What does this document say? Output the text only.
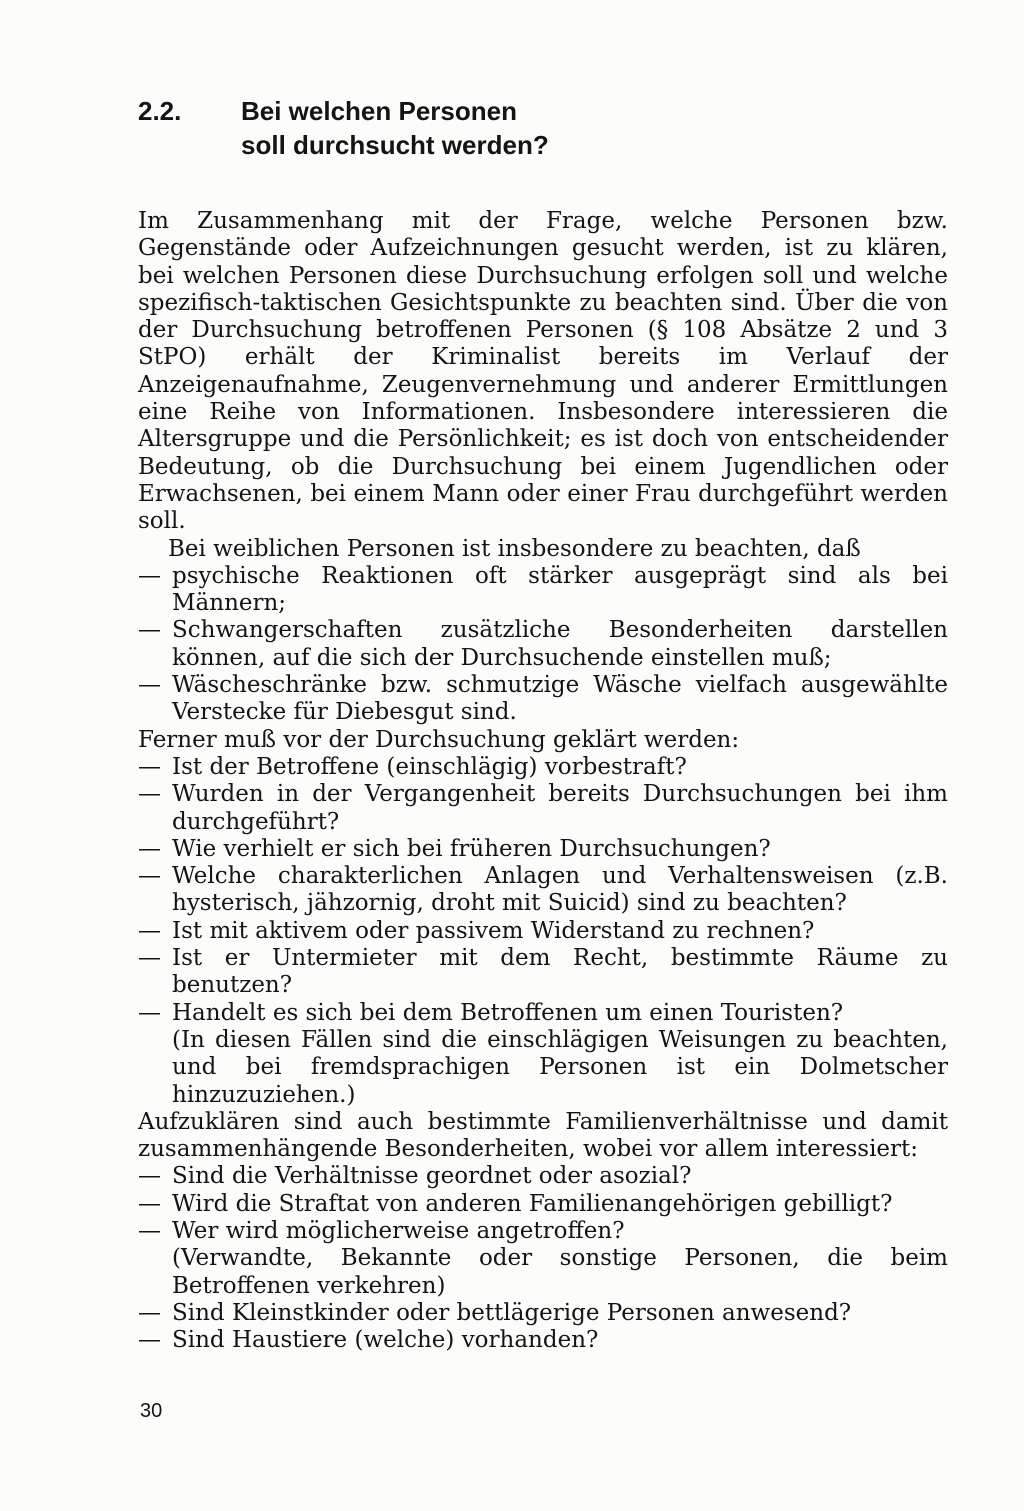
2.2. Bei welchen Personen
soll durchsucht werden?

Im Zusammenhang mit der Frage, welche Personen bzw. Gegenstände oder Aufzeichnungen gesucht werden, ist zu klären, bei welchen Personen diese Durchsuchung erfolgen soll und welche spezifisch-taktischen Gesichtspunkte zu beachten sind. Über die von der Durchsuchung betroffenen Personen (§ 108 Absätze 2 und 3 StPO) erhält der Kriminalist bereits im Verlauf der Anzeigenaufnahme, Zeugenvernehmung und anderer Ermittlungen eine Reihe von Informationen. Insbesondere interessieren die Altersgruppe und die Persönlichkeit; es ist doch von entscheidender Bedeutung, ob die Durchsuchung bei einem Jugendlichen oder Erwachsenen, bei einem Mann oder einer Frau durchgeführt werden soll.

Bei weiblichen Personen ist insbesondere zu beachten, daß

— psychische Reaktionen oft stärker ausgeprägt sind als bei Männern;
— Schwangerschaften zusätzliche Besonderheiten darstellen können, auf die sich der Durchsuchende einstellen muß;
— Wäscheschränke bzw. schmutzige Wäsche vielfach ausgewählte Verstecke für Diebesgut sind.

Ferner muß vor der Durchsuchung geklärt werden:

— Ist der Betroffene (einschlägig) vorbestraft?
— Wurden in der Vergangenheit bereits Durchsuchungen bei ihm durchgeführt?
— Wie verhielt er sich bei früheren Durchsuchungen?
— Welche charakterlichen Anlagen und Verhaltensweisen (z.B. hysterisch, jähzornig, droht mit Suicid) sind zu beachten?
— Ist mit aktivem oder passivem Widerstand zu rechnen?
— Ist er Untermieter mit dem Recht, bestimmte Räume zu benutzen?
— Handelt es sich bei dem Betroffenen um einen Touristen?
(In diesen Fällen sind die einschlägigen Weisungen zu beachten, und bei fremdsprachigen Personen ist ein Dolmetscher hinzuzuziehen.)

Aufzuklären sind auch bestimmte Familienverhältnisse und damit zusammenhängende Besonderheiten, wobei vor allem interessiert:

— Sind die Verhältnisse geordnet oder asozial?
— Wird die Straftat von anderen Familienangehörigen gebilligt?
— Wer wird möglicherweise angetroffen?
(Verwandte, Bekannte oder sonstige Personen, die beim Betroffenen verkehren)
— Sind Kleinstkinder oder bettlägerige Personen anwesend?
— Sind Haustiere (welche) vorhanden?
30
